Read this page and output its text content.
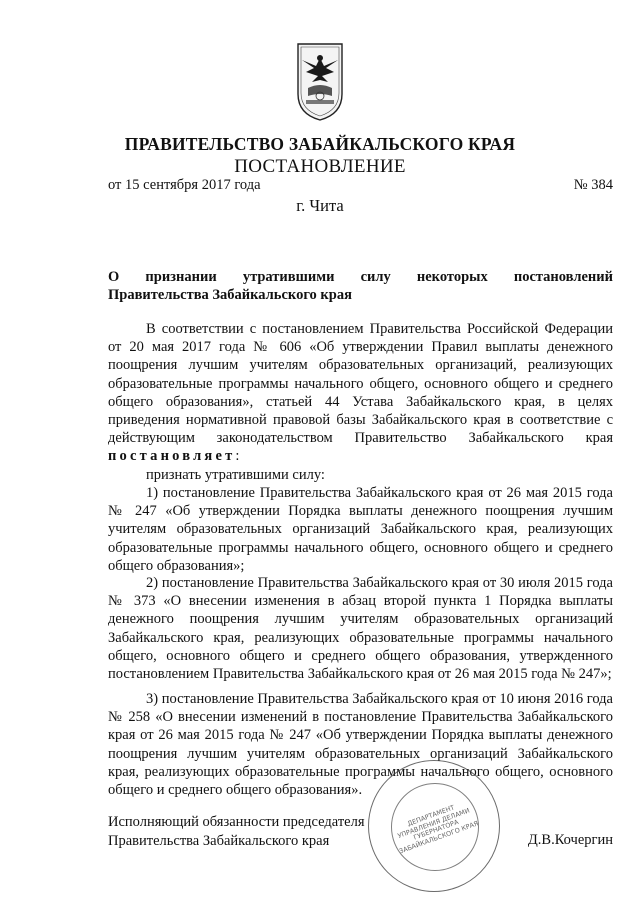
ПРАВИТЕЛЬСТВО ЗАБАЙКАЛЬСКОГО КРАЯ
ПОСТАНОВЛЕНИЕ
от 15 сентября 2017 года	№ 384
г. Чита
О признании утратившими силу некоторых постановлений
Правительства Забайкальского края
В соответствии с постановлением Правительства Российской Федерации от 20 мая 2017 года № 606 «Об утверждении Правил выплаты денежного поощрения лучшим учителям образовательных организаций, реализующих образовательные программы начального общего, основного общего и среднего общего образования», статьей 44 Устава Забайкальского края, в целях приведения нормативной правовой базы Забайкальского края в соответствие с действующим законодательством Правительство Забайкальского края постановляет:
признать утратившими силу:
1) постановление Правительства Забайкальского края от 26 мая 2015 года № 247 «Об утверждении Порядка выплаты денежного поощрения лучшим учителям образовательных организаций Забайкальского края, реализующих образовательные программы начального общего, основного общего и среднего общего образования»;
2) постановление Правительства Забайкальского края от 30 июля 2015 года № 373 «О внесении изменения в абзац второй пункта 1 Порядка выплаты денежного поощрения лучшим учителям образовательных организаций Забайкальского края, реализующих образовательные программы начального общего, основного общего и среднего общего образования, утвержденного постановлением Правительства Забайкальского края от 26 мая 2015 года № 247»;
3) постановление Правительства Забайкальского края от 10 июня 2016 года № 258 «О внесении изменений в постановление Правительства Забайкальского края от 26 мая 2015 года № 247 «Об утверждении Порядка выплаты денежного поощрения лучшим учителям образовательных организаций Забайкальского края, реализующих образовательные программы начального общего, основного общего и среднего общего образования».
ДЕПАРТАМЕНТ УПРАВЛЕНИЯ ДЕЛАМИ ГУБЕРНАТОРА ЗАБАЙКАЛЬСКОГО КРАЯ
Исполняющий обязанности председателя
Правительства Забайкальского края	Д.В.Кочергин
